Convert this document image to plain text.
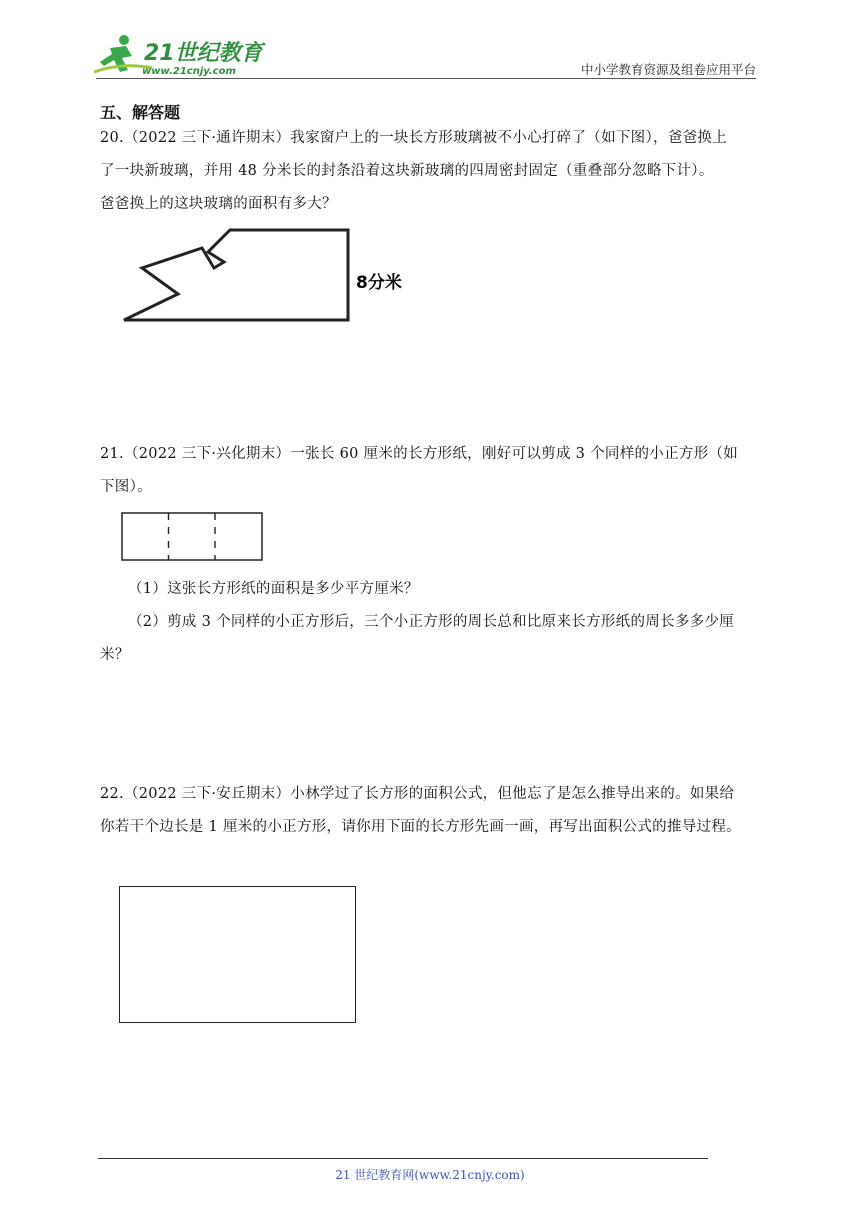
21世纪教育
www.21cnjy.com	中小学教育资源及组卷应用平台
五、解答题
20.（2022 三下·通许期末）我家窗户上的一块长方形玻璃被不小心打碎了（如下图），爸爸换上
了一块新玻璃，并用 48 分米长的封条沿着这块新玻璃的四周密封固定（重叠部分忽略下计）。
爸爸换上的这块玻璃的面积有多大？
8分米
21.（2022 三下·兴化期末）一张长 60 厘米的长方形纸，刚好可以剪成 3 个同样的小正方形（如
下图）。
（1）这张长方形纸的面积是多少平方厘米？
（2）剪成 3 个同样的小正方形后，三个小正方形的周长总和比原来长方形纸的周长多多少厘
米？
22.（2022 三下·安丘期末）小林学过了长方形的面积公式，但他忘了是怎么推导出来的。如果给
你若干个边长是 1 厘米的小正方形，请你用下面的长方形先画一画，再写出面积公式的推导过程。
21 世纪教育网(www.21cnjy.com)
